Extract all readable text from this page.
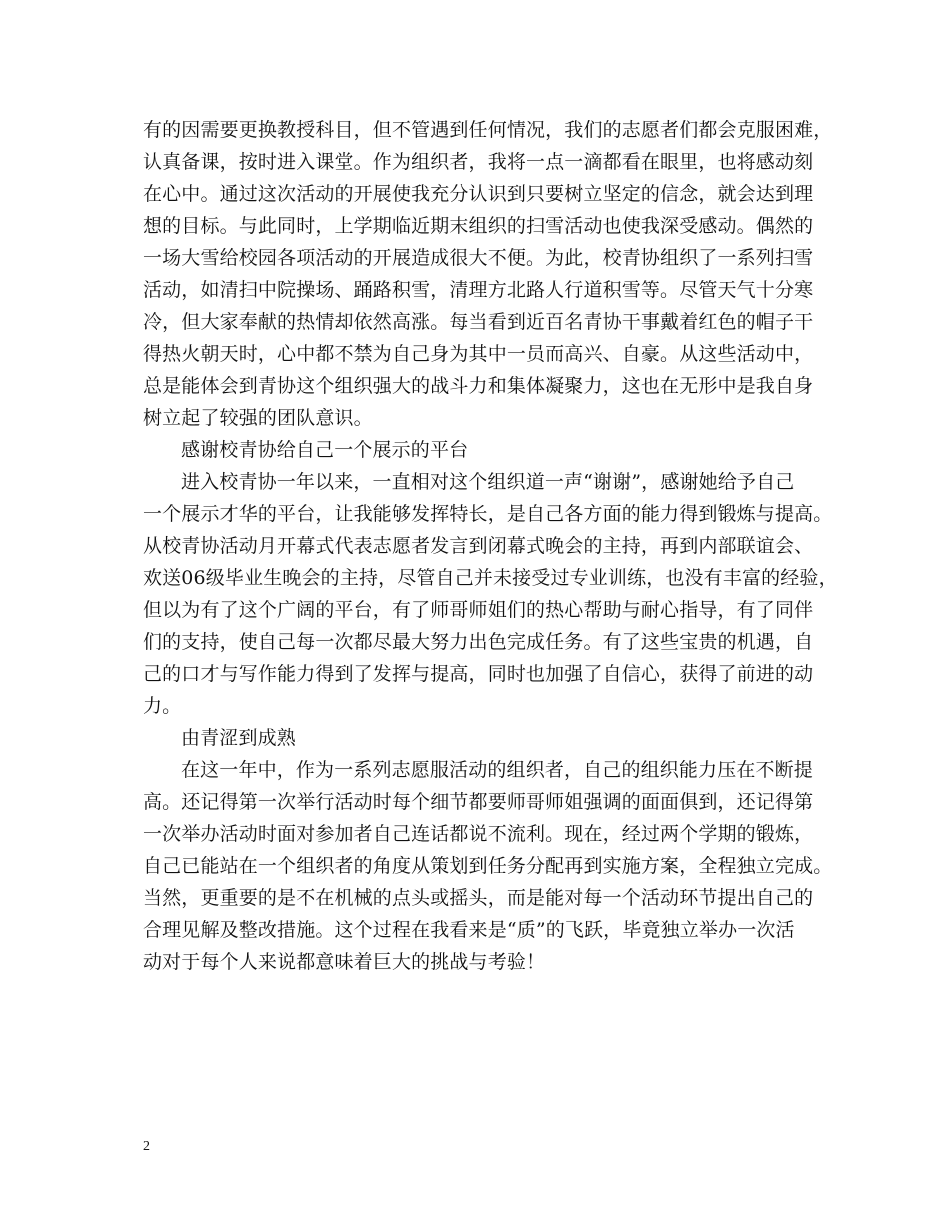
有的因需要更换教授科目，但不管遇到任何情况，我们的志愿者们都会克服困难，
认真备课，按时进入课堂。作为组织者，我将一点一滴都看在眼里，也将感动刻
在心中。通过这次活动的开展使我充分认识到只要树立坚定的信念，就会达到理
想的目标。与此同时，上学期临近期末组织的扫雪活动也使我深受感动。偶然的
一场大雪给校园各项活动的开展造成很大不便。为此，校青协组织了一系列扫雪
活动，如清扫中院操场、踊路积雪，清理方北路人行道积雪等。尽管天气十分寒
冷，但大家奉献的热情却依然高涨。每当看到近百名青协干事戴着红色的帽子干
得热火朝天时，心中都不禁为自己身为其中一员而高兴、自豪。从这些活动中，
总是能体会到青协这个组织强大的战斗力和集体凝聚力，这也在无形中是我自身
树立起了较强的团队意识。
感谢校青协给自己一个展示的平台
进入校青协一年以来，一直相对这个组织道一声“谢谢”，感谢她给予自己
一个展示才华的平台，让我能够发挥特长，是自己各方面的能力得到锻炼与提高。
从校青协活动月开幕式代表志愿者发言到闭幕式晚会的主持，再到内部联谊会、
欢送06级毕业生晚会的主持，尽管自己并未接受过专业训练，也没有丰富的经验，
但以为有了这个广阔的平台，有了师哥师姐们的热心帮助与耐心指导，有了同伴
们的支持，使自己每一次都尽最大努力出色完成任务。有了这些宝贵的机遇，自
己的口才与写作能力得到了发挥与提高，同时也加强了自信心，获得了前进的动
力。
由青涩到成熟
在这一年中，作为一系列志愿服活动的组织者，自己的组织能力压在不断提
高。还记得第一次举行活动时每个细节都要师哥师姐强调的面面俱到，还记得第
一次举办活动时面对参加者自己连话都说不流利。现在，经过两个学期的锻炼，
自己已能站在一个组织者的角度从策划到任务分配再到实施方案，全程独立完成。
当然，更重要的是不在机械的点头或摇头，而是能对每一个活动环节提出自己的
合理见解及整改措施。这个过程在我看来是“质”的飞跃，毕竟独立举办一次活
动对于每个人来说都意味着巨大的挑战与考验！
2
